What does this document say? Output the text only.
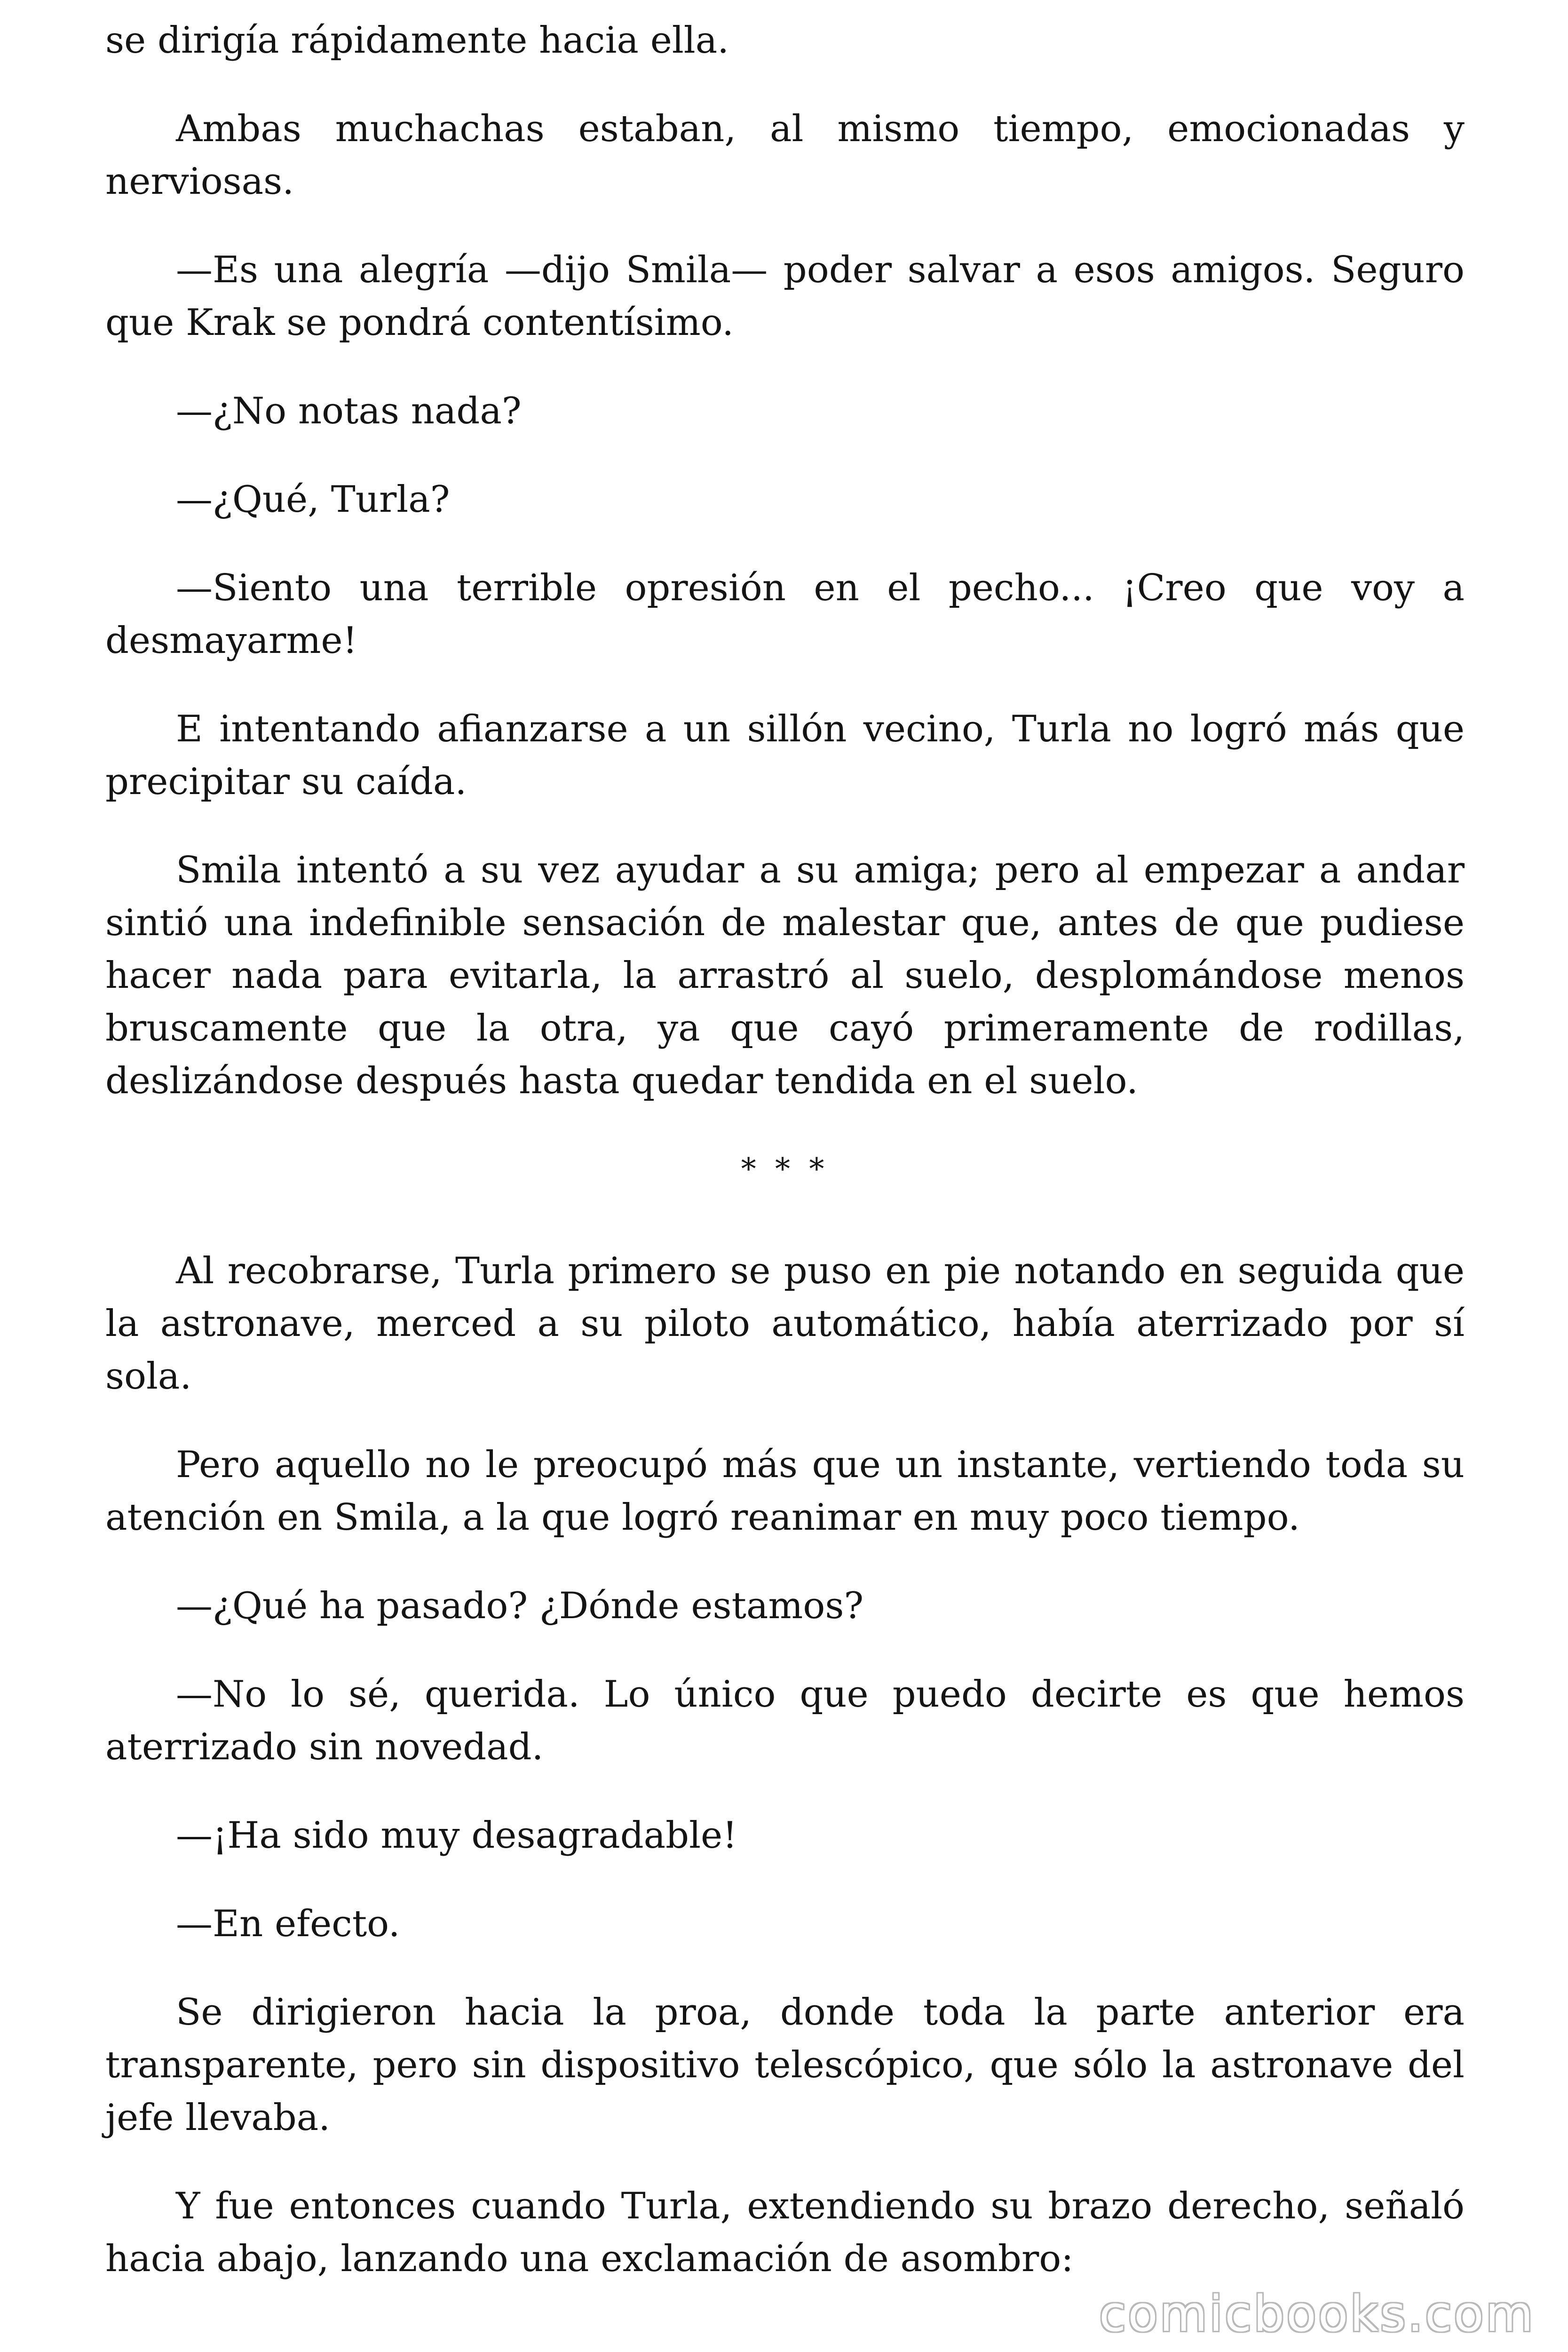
se dirigía rápidamente hacia ella.

Ambas muchachas estaban, al mismo tiempo, emocionadas y nerviosas.

—Es una alegría —dijo Smila— poder salvar a esos amigos. Seguro que Krak se pondrá contentísimo.

—¿No notas nada?

—¿Qué, Turla?

—Siento una terrible opresión en el pecho... ¡Creo que voy a desmayarme!

E intentando afianzarse a un sillón vecino, Turla no logró más que precipitar su caída.

Smila intentó a su vez ayudar a su amiga; pero al empezar a andar sintió una indefinible sensación de malestar que, antes de que pudiese hacer nada para evitarla, la arrastró al suelo, desplomándose menos bruscamente que la otra, ya que cayó primeramente de rodillas, deslizándose después hasta quedar tendida en el suelo.

* * *

Al recobrarse, Turla primero se puso en pie notando en seguida que la astronave, merced a su piloto automático, había aterrizado por sí sola.

Pero aquello no le preocupó más que un instante, vertiendo toda su atención en Smila, a la que logró reanimar en muy poco tiempo.

—¿Qué ha pasado? ¿Dónde estamos?

—No lo sé, querida. Lo único que puedo decirte es que hemos aterrizado sin novedad.

—¡Ha sido muy desagradable!

—En efecto.

Se dirigieron hacia la proa, donde toda la parte anterior era transparente, pero sin dispositivo telescópico, que sólo la astronave del jefe llevaba.

Y fue entonces cuando Turla, extendiendo su brazo derecho, señaló hacia abajo, lanzando una exclamación de asombro:

comicbooks.com
